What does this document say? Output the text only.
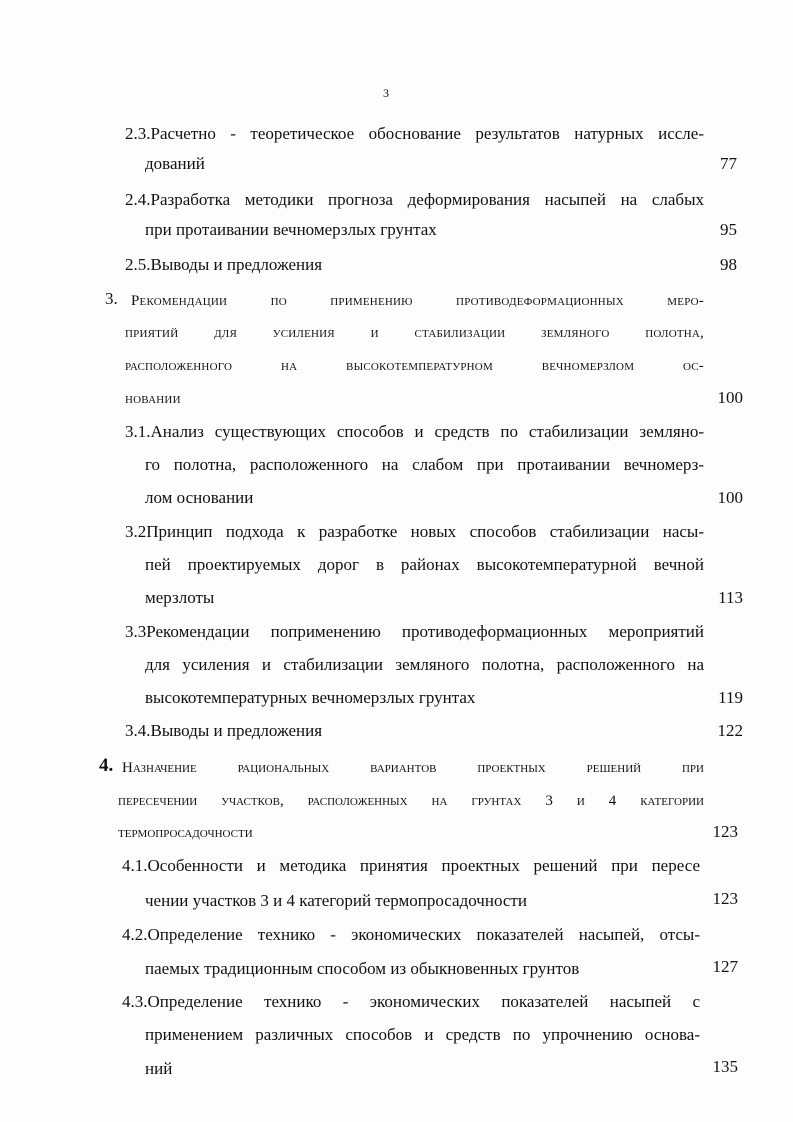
3
2.3.Расчетно - теоретическое обоснование результатов натурных иссле-
дований	77
2.4.Разработка методики прогноза деформирования насыпей на слабых
при протаивании вечномерзлых грунтах	95
2.5.Выводы и предложения	98
3. Рекомендации по применению противодеформационных меро-
приятий для усиления и стабилизации земляного полотна,
расположенного на высокотемпературном вечномерзлом ос-
новании	100
3.1.Анализ существующих способов и средств по стабилизации земляно-
го полотна, расположенного на слабом при протаивании вечномерз-
лом основании	100
3.2Принцип подхода к разработке новых способов стабилизации насы-
пей проектируемых дорог в районах высокотемпературной вечной
мерзлоты	113
3.3Рекомендации поприменению противодеформационных мероприятий
для усиления и стабилизации земляного полотна, расположенного на
высокотемпературных вечномерзлых грунтах	119
3.4.Выводы и предложения	122
4. Назначение рациональных вариантов проектных решений при
пересечении участков, расположенных на грунтах 3 и 4 категории
термопросадочности	123
4.1.Особенности и методика принятия проектных решений при пересе
чении участков 3 и 4 категорий термопросадочности	123
4.2.Определение технико - экономических показателей насыпей, отсы-
паемых традиционным способом из обыкновенных грунтов	127
4.3.Определение технико - экономических показателей насыпей с
применением различных способов и средств по упрочнению основа-
ний	135
